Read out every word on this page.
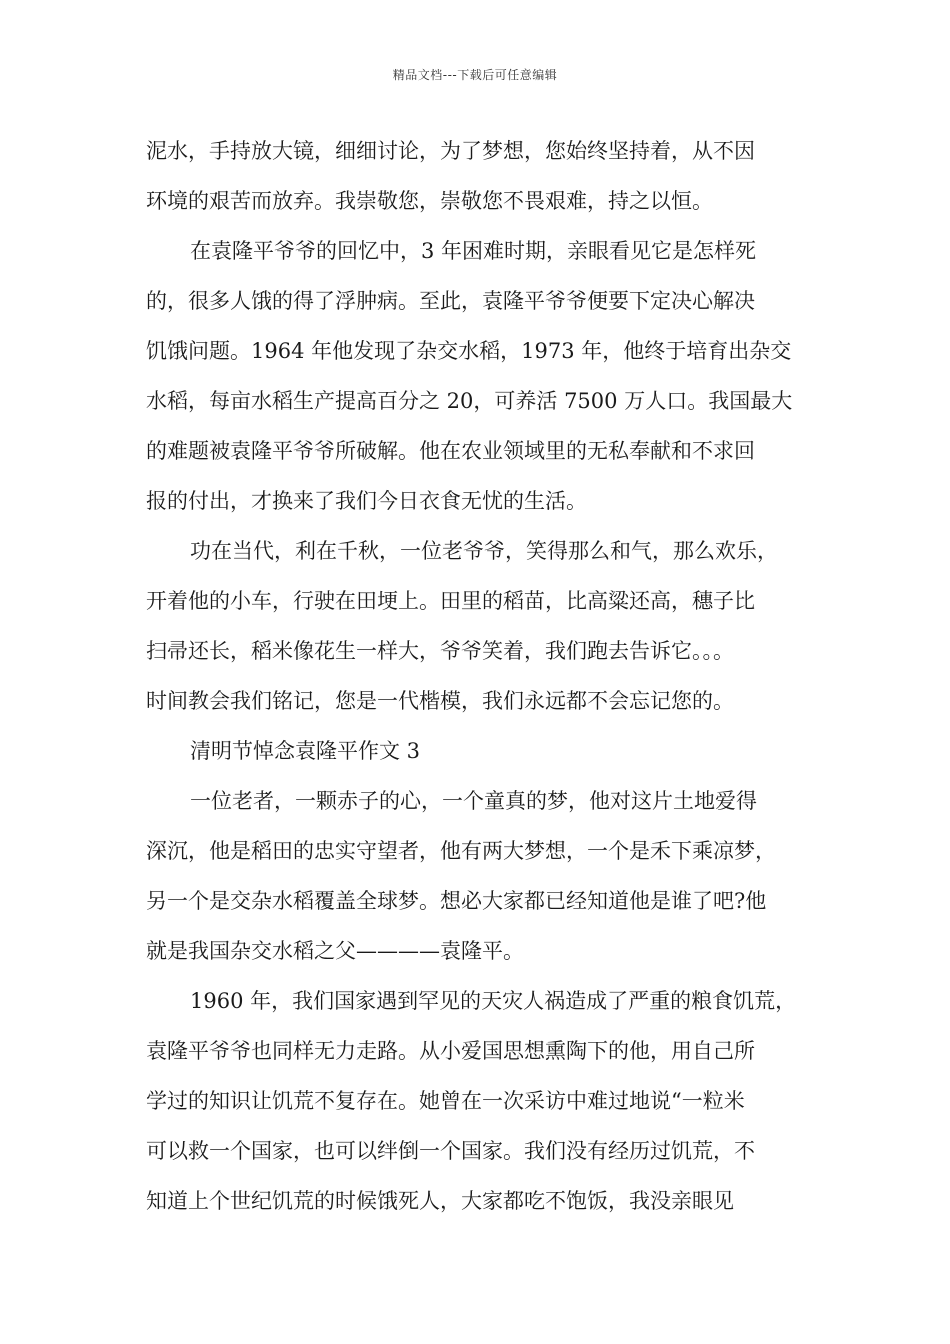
精品文档---下载后可任意编辑
泥水，手持放大镜，细细讨论，为了梦想，您始终坚持着，从不因
环境的艰苦而放弃。我崇敬您，崇敬您不畏艰难，持之以恒。
在袁隆平爷爷的回忆中，3 年困难时期，亲眼看见它是怎样死
的，很多人饿的得了浮肿病。至此，袁隆平爷爷便要下定决心解决
饥饿问题。1964 年他发现了杂交水稻，1973 年，他终于培育出杂交
水稻，每亩水稻生产提高百分之 20，可养活 7500 万人口。我国最大
的难题被袁隆平爷爷所破解。他在农业领域里的无私奉献和不求回
报的付出，才换来了我们今日衣食无忧的生活。
功在当代，利在千秋，一位老爷爷，笑得那么和气，那么欢乐，
开着他的小车，行驶在田埂上。田里的稻苗，比高粱还高，穗子比
扫帚还长，稻米像花生一样大，爷爷笑着，我们跑去告诉它。。。
时间教会我们铭记，您是一代楷模，我们永远都不会忘记您的。
清明节悼念袁隆平作文 3
一位老者，一颗赤子的心，一个童真的梦，他对这片土地爱得
深沉，他是稻田的忠实守望者，他有两大梦想，一个是禾下乘凉梦，
另一个是交杂水稻覆盖全球梦。想必大家都已经知道他是谁了吧?他
就是我国杂交水稻之父————袁隆平。
1960 年，我们国家遇到罕见的天灾人祸造成了严重的粮食饥荒，
袁隆平爷爷也同样无力走路。从小爱国思想熏陶下的他，用自己所
学过的知识让饥荒不复存在。她曾在一次采访中难过地说“一粒米
可以救一个国家，也可以绊倒一个国家。我们没有经历过饥荒，不
知道上个世纪饥荒的时候饿死人，大家都吃不饱饭，我没亲眼见
